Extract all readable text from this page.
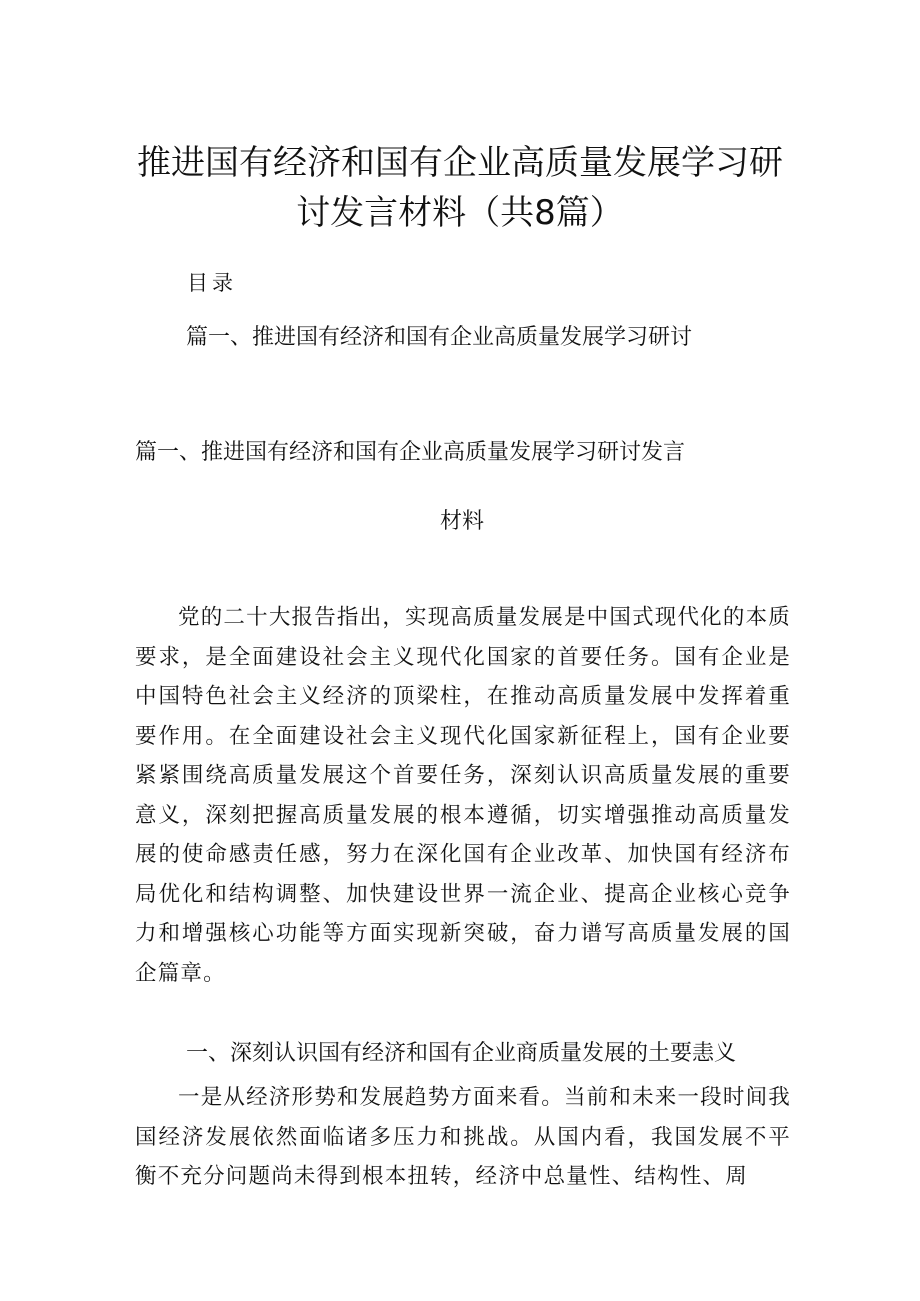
推进国有经济和国有企业高质量发展学习研讨发言材料（共8篇）
目录
篇一、推进国有经济和国有企业高质量发展学习研讨
篇一、推进国有经济和国有企业高质量发展学习研讨发言
材料

党的二十大报告指出，实现高质量发展是中国式现代化的本质要求，是全面建设社会主义现代化国家的首要任务。国有企业是中国特色社会主义经济的顶梁柱，在推动高质量发展中发挥着重要作用。在全面建设社会主义现代化国家新征程上，国有企业要紧紧围绕高质量发展这个首要任务，深刻认识高质量发展的重要意义，深刻把握高质量发展的根本遵循，切实增强推动高质量发展的使命感责任感，努力在深化国有企业改革、加快国有经济布局优化和结构调整、加快建设世界一流企业、提高企业核心竞争力和增强核心功能等方面实现新突破，奋力谱写高质量发展的国企篇章。

一、深刻认识国有经济和国有企业商质量发展的土要恚义

一是从经济形势和发展趋势方面来看。当前和未来一段时间我国经济发展依然面临诸多压力和挑战。从国内看，我国发展不平衡不充分问题尚未得到根本扭转，经济中总量性、结构性、周
